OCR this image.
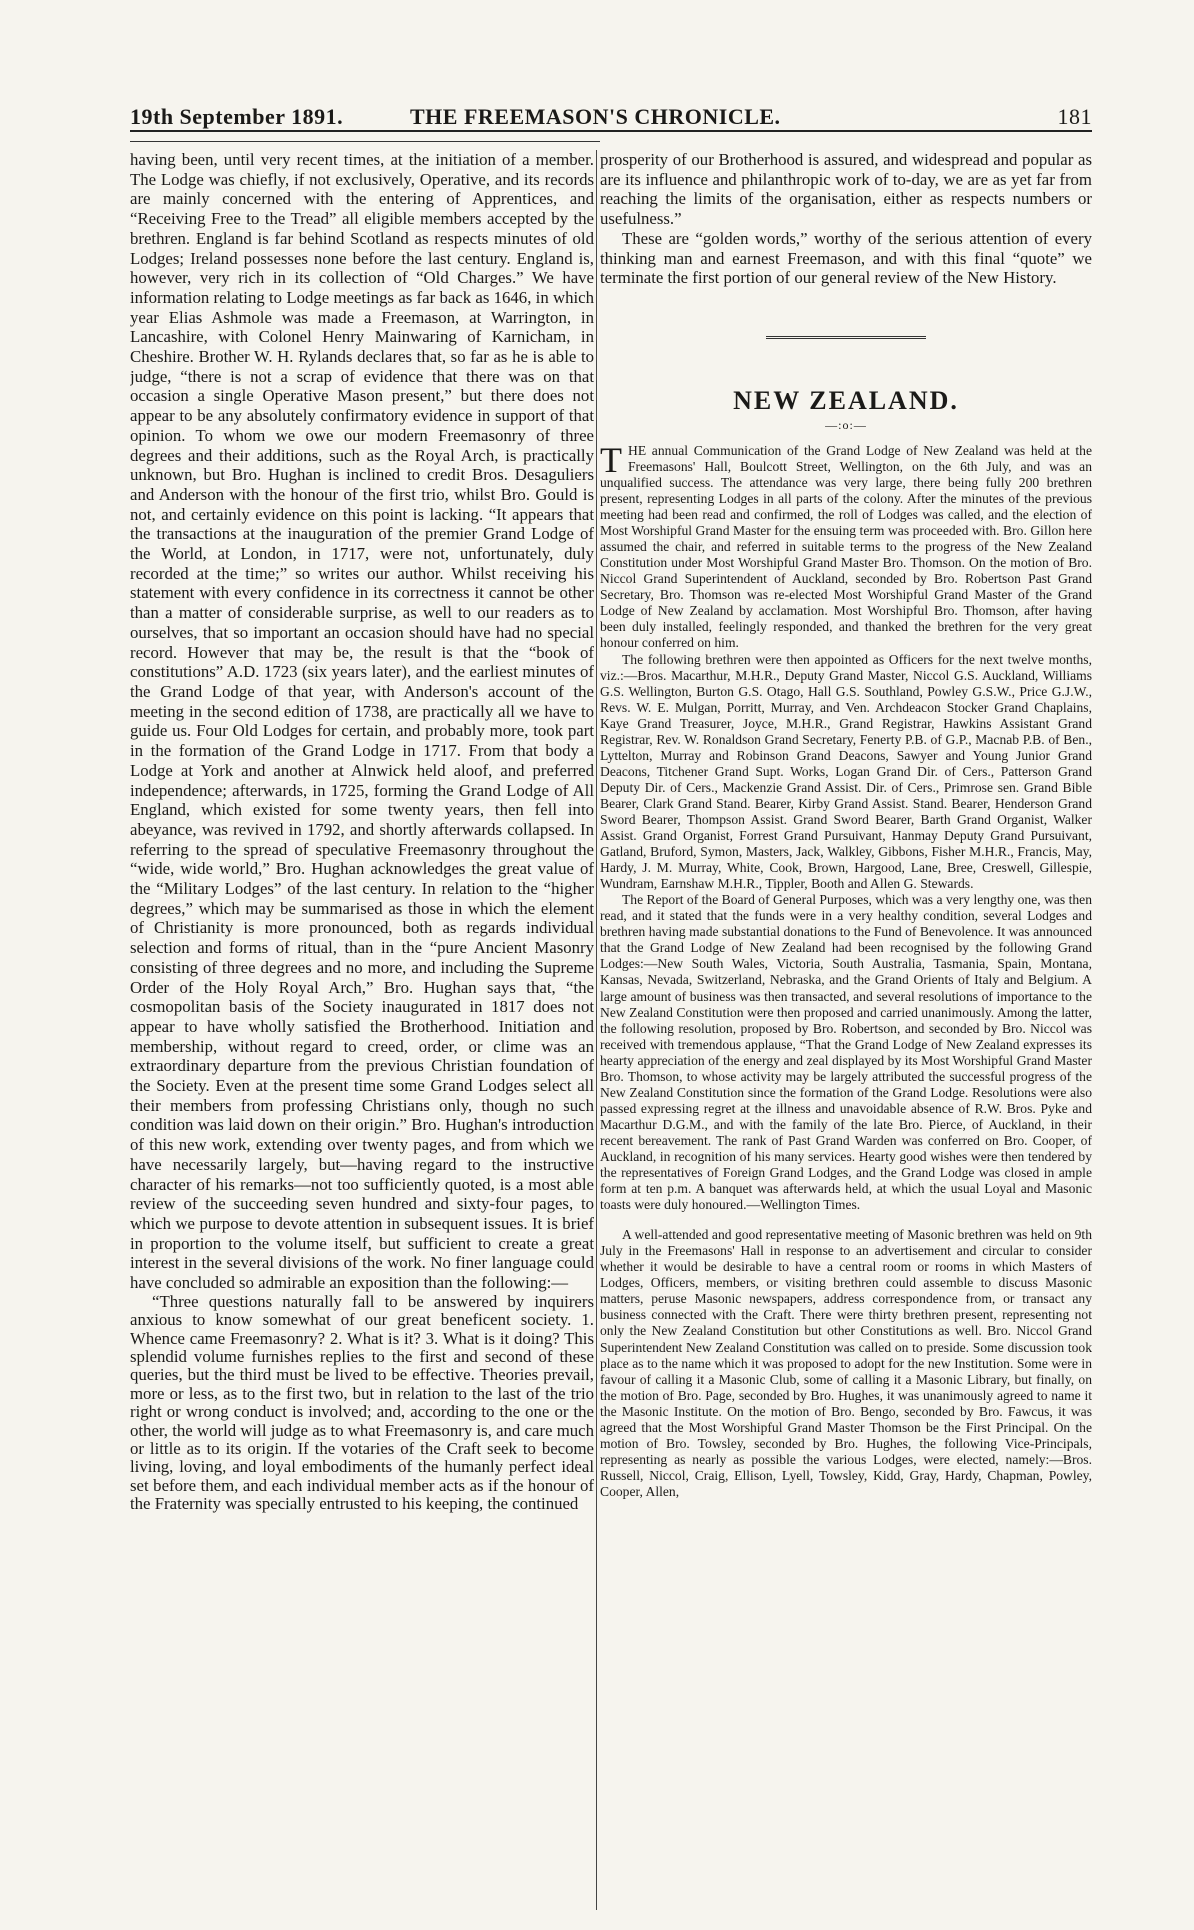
19th September 1891.	THE FREEMASON'S CHRONICLE.	181

having been, until very recent times, at the initiation of a member. The Lodge was chiefly, if not exclusively, Operative, and its records are mainly concerned with the entering of Apprentices, and “Receiving Free to the Tread” all eligible members accepted by the brethren. England is far behind Scotland as respects minutes of old Lodges; Ireland possesses none before the last century. England is, however, very rich in its collection of “Old Charges.” We have information relating to Lodge meetings as far back as 1646, in which year Elias Ashmole was made a Freemason, at Warrington, in Lancashire, with Colonel Henry Mainwaring of Karnicham, in Cheshire. Brother W. H. Rylands declares that, so far as he is able to judge, “there is not a scrap of evidence that there was on that occasion a single Operative Mason present,” but there does not appear to be any absolutely confirmatory evidence in support of that opinion. To whom we owe our modern Freemasonry of three degrees and their additions, such as the Royal Arch, is practically unknown, but Bro. Hughan is inclined to credit Bros. Desaguliers and Anderson with the honour of the first trio, whilst Bro. Gould is not, and certainly evidence on this point is lacking. “It appears that the transactions at the inauguration of the premier Grand Lodge of the World, at London, in 1717, were not, unfortunately, duly recorded at the time;” so writes our author. Whilst receiving his statement with every confidence in its correctness it cannot be other than a matter of considerable surprise, as well to our readers as to ourselves, that so important an occasion should have had no special record. However that may be, the result is that the “book of constitutions” A.D. 1723 (six years later), and the earliest minutes of the Grand Lodge of that year, with Anderson's account of the meeting in the second edition of 1738, are practically all we have to guide us. Four Old Lodges for certain, and probably more, took part in the formation of the Grand Lodge in 1717. From that body a Lodge at York and another at Alnwick held aloof, and preferred independence; afterwards, in 1725, forming the Grand Lodge of All England, which existed for some twenty years, then fell into abeyance, was revived in 1792, and shortly afterwards collapsed. In referring to the spread of speculative Freemasonry throughout the “wide, wide world,” Bro. Hughan acknowledges the great value of the “Military Lodges” of the last century. In relation to the “higher degrees,” which may be summarised as those in which the element of Christianity is more pronounced, both as regards individual selection and forms of ritual, than in the “pure Ancient Masonry consisting of three degrees and no more, and including the Supreme Order of the Holy Royal Arch,” Bro. Hughan says that, “the cosmopolitan basis of the Society inaugurated in 1817 does not appear to have wholly satisfied the Brotherhood. Initiation and membership, without regard to creed, order, or clime was an extraordinary departure from the previous Christian foundation of the Society. Even at the present time some Grand Lodges select all their members from professing Christians only, though no such condition was laid down on their origin.” Bro. Hughan's introduction of this new work, extending over twenty pages, and from which we have necessarily largely, but—having regard to the instructive character of his remarks—not too sufficiently quoted, is a most able review of the succeeding seven hundred and sixty-four pages, to which we purpose to devote attention in subsequent issues. It is brief in proportion to the volume itself, but sufficient to create a great interest in the several divisions of the work. No finer language could have concluded so admirable an exposition than the following:—

“Three questions naturally fall to be answered by inquirers anxious to know somewhat of our great beneficent society. 1. Whence came Freemasonry? 2. What is it? 3. What is it doing? This splendid volume furnishes replies to the first and second of these queries, but the third must be lived to be effective. Theories prevail, more or less, as to the first two, but in relation to the last of the trio right or wrong conduct is involved; and, according to the one or the other, the world will judge as to what Freemasonry is, and care much or little as to its origin. If the votaries of the Craft seek to become living, loving, and loyal embodiments of the humanly perfect ideal set before them, and each individual member acts as if the honour of the Fraternity was specially entrusted to his keeping, the continued

prosperity of our Brotherhood is assured, and widespread and popular as are its influence and philanthropic work of to-day, we are as yet far from reaching the limits of the organisation, either as respects numbers or usefulness.”

These are “golden words,” worthy of the serious attention of every thinking man and earnest Freemason, and with this final “quote” we terminate the first portion of our general review of the New History.

NEW ZEALAND.
—:o:—

THE annual Communication of the Grand Lodge of New Zealand was held at the Freemasons' Hall, Boulcott Street, Wellington, on the 6th July, and was an unqualified success. The attendance was very large, there being fully 200 brethren present, representing Lodges in all parts of the colony. After the minutes of the previous meeting had been read and confirmed, the roll of Lodges was called, and the election of Most Worshipful Grand Master for the ensuing term was proceeded with. Bro. Gillon here assumed the chair, and referred in suitable terms to the progress of the New Zealand Constitution under Most Worshipful Grand Master Bro. Thomson. On the motion of Bro. Niccol Grand Superintendent of Auckland, seconded by Bro. Robertson Past Grand Secretary, Bro. Thomson was re-elected Most Worshipful Grand Master of the Grand Lodge of New Zealand by acclamation. Most Worshipful Bro. Thomson, after having been duly installed, feelingly responded, and thanked the brethren for the very great honour conferred on him.

The following brethren were then appointed as Officers for the next twelve months, viz.:—Bros. Macarthur, M.H.R., Deputy Grand Master, Niccol G.S. Auckland, Williams G.S. Wellington, Burton G.S. Otago, Hall G.S. Southland, Powley G.S.W., Price G.J.W., Revs. W. E. Mulgan, Porritt, Murray, and Ven. Archdeacon Stocker Grand Chaplains, Kaye Grand Treasurer, Joyce, M.H.R., Grand Registrar, Hawkins Assistant Grand Registrar, Rev. W. Ronaldson Grand Secretary, Fenerty P.B. of G.P., Macnab P.B. of Ben., Lyttelton, Murray and Robinson Grand Deacons, Sawyer and Young Junior Grand Deacons, Titchener Grand Supt. Works, Logan Grand Dir. of Cers., Patterson Grand Deputy Dir. of Cers., Mackenzie Grand Assist. Dir. of Cers., Primrose sen. Grand Bible Bearer, Clark Grand Stand. Bearer, Kirby Grand Assist. Stand. Bearer, Henderson Grand Sword Bearer, Thompson Assist. Grand Sword Bearer, Barth Grand Organist, Walker Assist. Grand Organist, Forrest Grand Pursuivant, Hanmay Deputy Grand Pursuivant, Gatland, Bruford, Symon, Masters, Jack, Walkley, Gibbons, Fisher M.H.R., Francis, May, Hardy, J. M. Murray, White, Cook, Brown, Hargood, Lane, Bree, Creswell, Gillespie, Wundram, Earnshaw M.H.R., Tippler, Booth and Allen G. Stewards.

The Report of the Board of General Purposes, which was a very lengthy one, was then read, and it stated that the funds were in a very healthy condition, several Lodges and brethren having made substantial donations to the Fund of Benevolence. It was announced that the Grand Lodge of New Zealand had been recognised by the following Grand Lodges:—New South Wales, Victoria, South Australia, Tasmania, Spain, Montana, Kansas, Nevada, Switzerland, Nebraska, and the Grand Orients of Italy and Belgium. A large amount of business was then transacted, and several resolutions of importance to the New Zealand Constitution were then proposed and carried unanimously. Among the latter, the following resolution, proposed by Bro. Robertson, and seconded by Bro. Niccol was received with tremendous applause, “That the Grand Lodge of New Zealand expresses its hearty appreciation of the energy and zeal displayed by its Most Worshipful Grand Master Bro. Thomson, to whose activity may be largely attributed the successful progress of the New Zealand Constitution since the formation of the Grand Lodge. Resolutions were also passed expressing regret at the illness and unavoidable absence of R.W. Bros. Pyke and Macarthur D.G.M., and with the family of the late Bro. Pierce, of Auckland, in their recent bereavement. The rank of Past Grand Warden was conferred on Bro. Cooper, of Auckland, in recognition of his many services. Hearty good wishes were then tendered by the representatives of Foreign Grand Lodges, and the Grand Lodge was closed in ample form at ten p.m. A banquet was afterwards held, at which the usual Loyal and Masonic toasts were duly honoured.—Wellington Times.

A well-attended and good representative meeting of Masonic brethren was held on 9th July in the Freemasons' Hall in response to an advertisement and circular to consider whether it would be desirable to have a central room or rooms in which Masters of Lodges, Officers, members, or visiting brethren could assemble to discuss Masonic matters, peruse Masonic newspapers, address correspondence from, or transact any business connected with the Craft. There were thirty brethren present, representing not only the New Zealand Constitution but other Constitutions as well. Bro. Niccol Grand Superintendent New Zealand Constitution was called on to preside. Some discussion took place as to the name which it was proposed to adopt for the new Institution. Some were in favour of calling it a Masonic Club, some of calling it a Masonic Library, but finally, on the motion of Bro. Page, seconded by Bro. Hughes, it was unanimously agreed to name it the Masonic Institute. On the motion of Bro. Bengo, seconded by Bro. Fawcus, it was agreed that the Most Worshipful Grand Master Thomson be the First Principal. On the motion of Bro. Towsley, seconded by Bro. Hughes, the following Vice-Principals, representing as nearly as possible the various Lodges, were elected, namely:—Bros. Russell, Niccol, Craig, Ellison, Lyell, Towsley, Kidd, Gray, Hardy, Chapman, Powley, Cooper, Allen,
